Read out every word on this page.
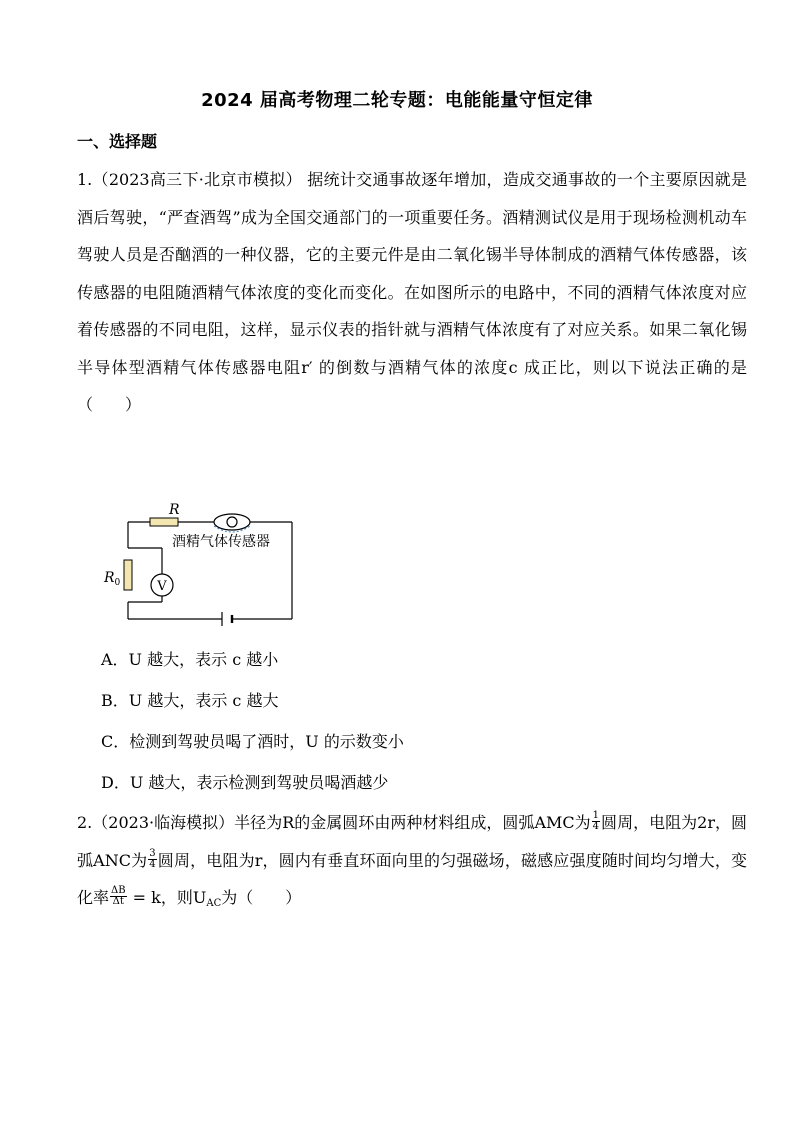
2024 届高考物理二轮专题：电能能量守恒定律
一、选择题
1.（2023高三下·北京市模拟） 据统计交通事故逐年增加，造成交通事故的一个主要原因就是酒后驾驶，“严查酒驾”成为全国交通部门的一项重要任务。酒精测试仪是用于现场检测机动车驾驶人员是否酗酒的一种仪器，它的主要元件是由二氧化锡半导体制成的酒精气体传感器，该传感器的电阻随酒精气体浓度的变化而变化。在如图所示的电路中，不同的酒精气体浓度对应着传感器的不同电阻，这样，显示仪表的指针就与酒精气体浓度有了对应关系。如果二氧化锡半导体型酒精气体传感器电阻r′ 的倒数与酒精气体的浓度c 成正比，则以下说法正确的是（　　）
R
$R_0$	V
酒精气体传感器
A．U 越大，表示 c 越小
B．U 越大，表示 c 越大
C．检测到驾驶员喝了酒时，U 的示数变小
D．U 越大，表示检测到驾驶员喝酒越少
2.（2023·临海模拟）半径为R的金属圆环由两种材料组成，圆弧AMC为 $\frac{1}{4}$ 圆周，电阻为2r，圆弧ANC为 $\frac{3}{4}$ 圆周，电阻为r，圆内有垂直环面向里的匀强磁场，磁感应强度随时间均匀增大，变化率 $\frac{\Delta B}{\Delta t} = k$，则$U_{AC}$为（　　）
